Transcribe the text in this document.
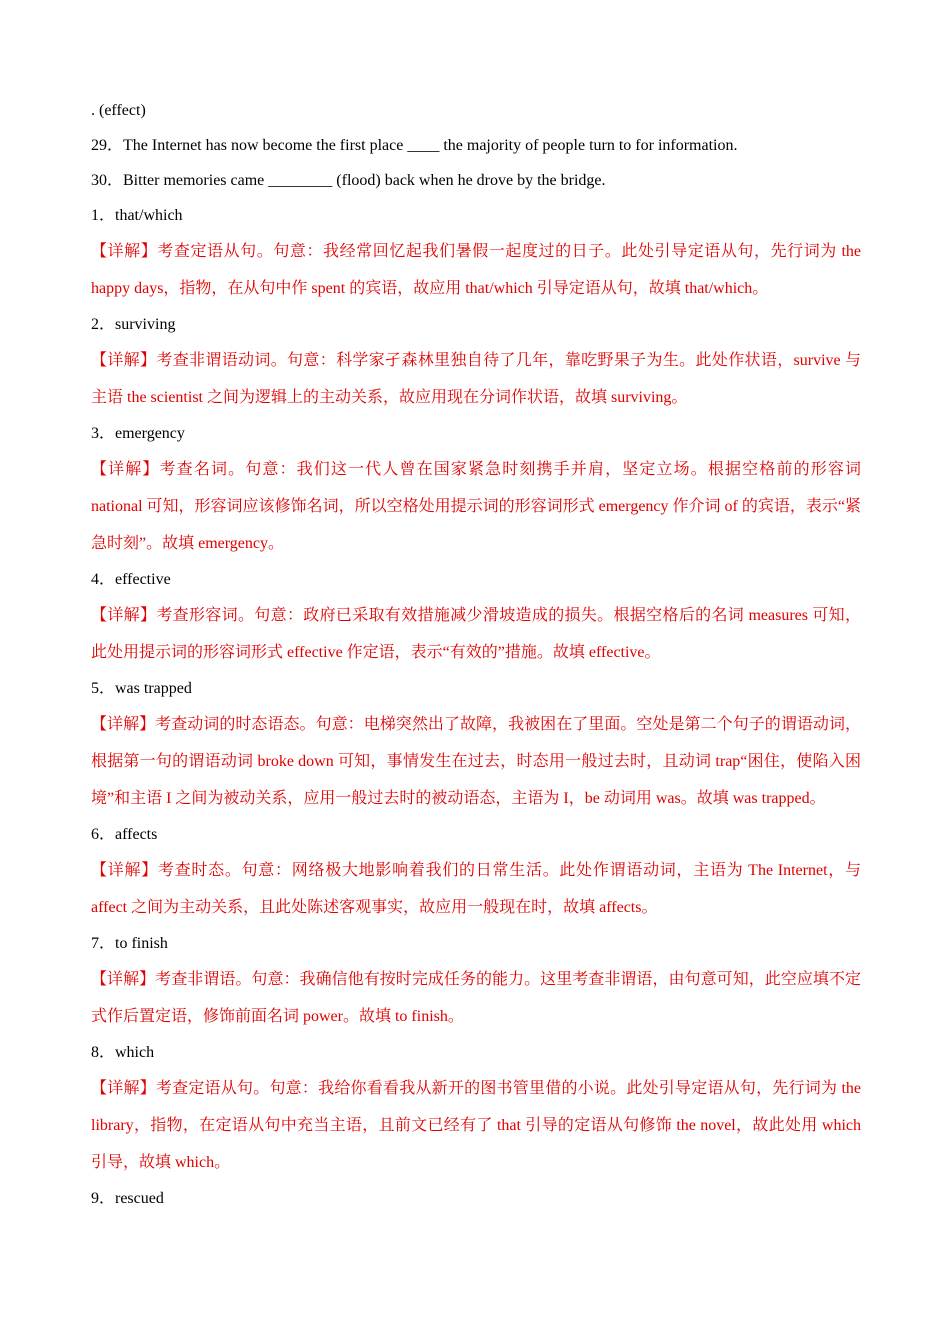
. (effect)
29．The Internet has now become the first place ____ the majority of people turn to for information.
30．Bitter memories came ________ (flood) back when he drove by the bridge.
1．that/which
【详解】考查定语从句。句意：我经常回忆起我们暑假一起度过的日子。此处引导定语从句，先行词为 the happy days，指物，在从句中作 spent 的宾语，故应用 that/which 引导定语从句，故填 that/which。
2．surviving
【详解】考查非谓语动词。句意：科学家孑森林里独自待了几年，靠吃野果子为生。此处作状语，survive 与主语 the scientist 之间为逻辑上的主动关系，故应用现在分词作状语，故填 surviving。
3．emergency
【详解】考查名词。句意：我们这一代人曾在国家紧急时刻携手并肩，坚定立场。根据空格前的形容词 national 可知，形容词应该修饰名词，所以空格处用提示词的形容词形式 emergency 作介词 of 的宾语，表示“紧急时刻”。故填 emergency。
4．effective
【详解】考查形容词。句意：政府已采取有效措施减少滑坡造成的损失。根据空格后的名词 measures 可知，此处用提示词的形容词形式 effective 作定语，表示“有效的”措施。故填 effective。
5．was trapped
【详解】考查动词的时态语态。句意：电梯突然出了故障，我被困在了里面。空处是第二个句子的谓语动词，根据第一句的谓语动词 broke down 可知，事情发生在过去，时态用一般过去时，且动词 trap“困住，使陷入困境”和主语 I 之间为被动关系，应用一般过去时的被动语态，主语为 I，be 动词用 was。故填 was trapped。
6．affects
【详解】考查时态。句意：网络极大地影响着我们的日常生活。此处作谓语动词，主语为 The Internet，与 affect 之间为主动关系，且此处陈述客观事实，故应用一般现在时，故填 affects。
7．to finish
【详解】考查非谓语。句意：我确信他有按时完成任务的能力。这里考查非谓语，由句意可知，此空应填不定式作后置定语，修饰前面名词 power。故填 to finish。
8．which
【详解】考查定语从句。句意：我给你看看我从新开的图书管里借的小说。此处引导定语从句，先行词为 the library，指物，在定语从句中充当主语，且前文已经有了 that 引导的定语从句修饰 the novel，故此处用 which 引导，故填 which。
9．rescued
